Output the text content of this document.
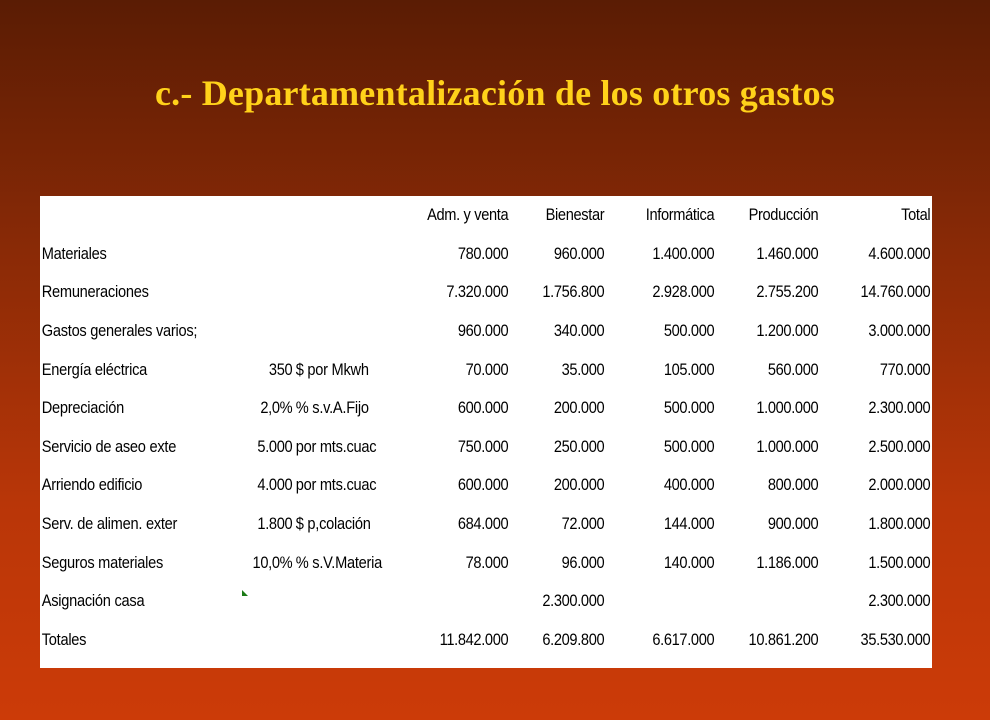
c.- Departamentalización de los otros gastos
			Adm. y venta	Bienestar	Informática	Producción	Total
Materiales			780.000	960.000	1.400.000	1.460.000	4.600.000
Remuneraciones			7.320.000	1.756.800	2.928.000	2.755.200	14.760.000
Gastos generales varios;			960.000	340.000	500.000	1.200.000	3.000.000
Energía eléctrica	350	$ por Mkwh	70.000	35.000	105.000	560.000	770.000
Depreciación	2,0%	% s.v.A.Fijo	600.000	200.000	500.000	1.000.000	2.300.000
Servicio de aseo exte	5.000	por mts.cuac	750.000	250.000	500.000	1.000.000	2.500.000
Arriendo edificio	4.000	por mts.cuac	600.000	200.000	400.000	800.000	2.000.000
Serv. de alimen. exter	1.800	$ p,colación	684.000	72.000	144.000	900.000	1.800.000
Seguros materiales	10,0%	% s.V.Materia	78.000	96.000	140.000	1.186.000	1.500.000
Asignación casa				2.300.000			2.300.000
Totales			11.842.000	6.209.800	6.617.000	10.861.200	35.530.000
